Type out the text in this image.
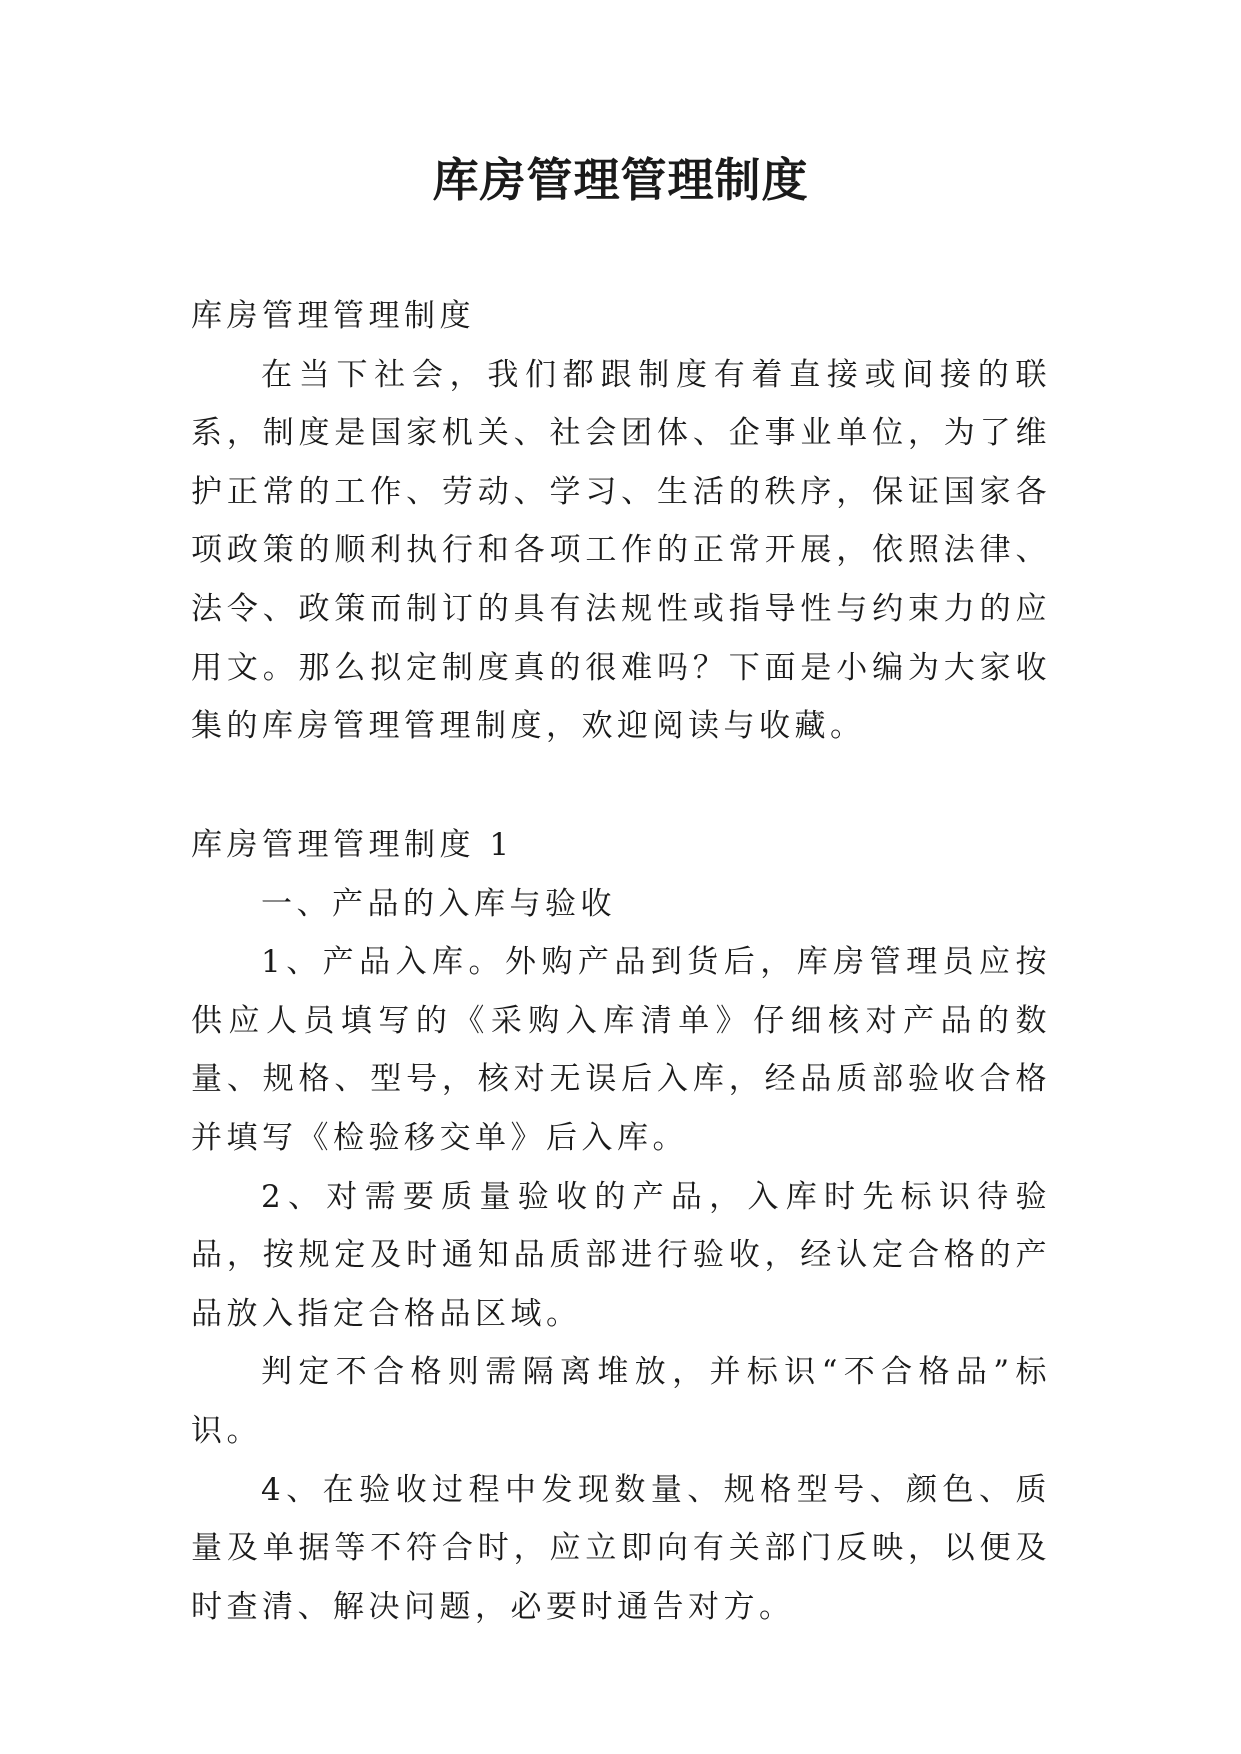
库房管理管理制度

库房管理管理制度

在当下社会，我们都跟制度有着直接或间接的联系，制度是国家机关、社会团体、企事业单位，为了维护正常的工作、劳动、学习、生活的秩序，保证国家各项政策的顺利执行和各项工作的正常开展，依照法律、法令、政策而制订的具有法规性或指导性与约束力的应用文。那么拟定制度真的很难吗？下面是小编为大家收集的库房管理管理制度，欢迎阅读与收藏。

库房管理管理制度 1

一、产品的入库与验收

1、产品入库。外购产品到货后，库房管理员应按供应人员填写的《采购入库清单》仔细核对产品的数量、规格、型号，核对无误后入库，经品质部验收合格并填写《检验移交单》后入库。

2、对需要质量验收的产品，入库时先标识待验品，按规定及时通知品质部进行验收，经认定合格的产品放入指定合格品区域。

判定不合格则需隔离堆放，并标识“不合格品”标识。

4、在验收过程中发现数量、规格型号、颜色、质量及单据等不符合时，应立即向有关部门反映，以便及时查清、解决问题，必要时通告对方。
